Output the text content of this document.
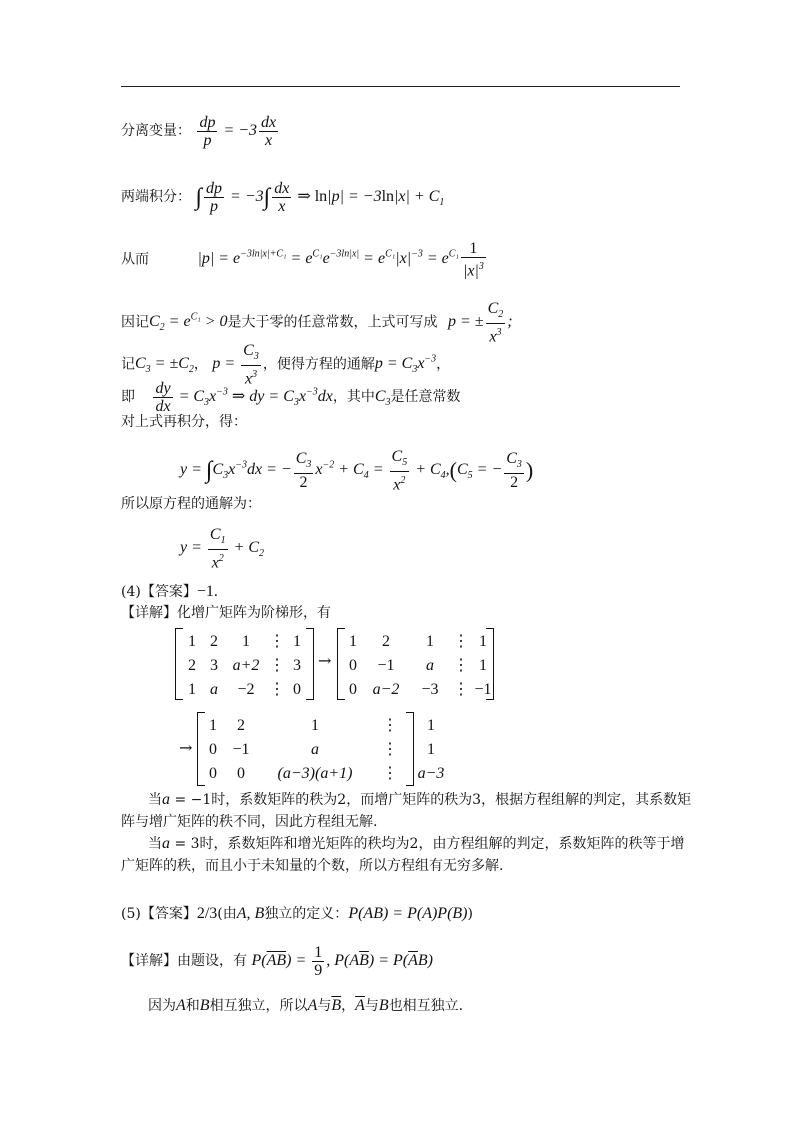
分离变量： $\frac{dp}{p} = -3 \frac{dx}{x}$
两端积分： ∫ $\frac{dp}{p} = -3\int \frac{dx}{x}$ ⇒ $\ln|p| = -3\ln|x| + C_1$
从而	$|p| = e^{-3ln|x|+C_1} = e^{C_1}e^{-3ln|x|} = e^{C_1}|x|^{-3} = e^{C_1} \frac{1}{|x|^3}$
因记$C_2 = e^{C_1} > 0$是大于零的任意常数，上式可写成 p = ± $\frac{C_2}{x^3}$ ;
记$C_3 = \pm C_2$， $p = \frac{C_3}{x^3}$ ，便得方程的通解$p = C_3x^{-3}$，
即 $\frac{dy}{dx} = C_3x^{-3}$ ⇒ dy = $C_3x^{-3}dx$，其中$C_3$是任意常数
对上式再积分，得：
$y = \int C_3x^{-3}dx$ = − $\frac{C_3}{2} x^{-2} + C_4 = \frac{C_5}{x^2} + C_4,(C_5$ = − $\frac{C_3}{2}$ )
所以原方程的通解为：
$y = \frac{C_1}{x^2} + C_2$
(4)【答案】−1.
【详解】化增广矩阵为阶梯形，有
1 2	1	⋮ 1
2 3 a+2 ⋮ 3
1 a	−2 ⋮ 0
→
1	2	1	⋮ 1
0	−1	a	⋮ 1
0 a−2	−3 ⋮ −1
→
1	2	1	⋮	1
0 −1	a	⋮	1
0	0	(a−3)(a+1)	⋮	a−3
当a = −1时，系数矩阵的秩为2，而增广矩阵的秩为3，根据方程组解的判定，其系数矩
阵与增广矩阵的秩不同，因此方程组无解.
当a = 3时，系数矩阵和增光矩阵的秩均为2，由方程组解的判定，系数矩阵的秩等于增
广矩阵的秩，而且小于未知量的个数，所以方程组有无穷多解.
(5)【答案】2/3(由A, B独立的定义：P(AB) = P(A)P(B))
【详解】由题设，有 $P(\overline{AB}) = \frac{1}{9}$ , $P(A\overline{B}) = P(\overline{A}B)$
因为A和B相互独立，所以A与$\overline{B}$，$\overline{A}$与B也相互独立.
